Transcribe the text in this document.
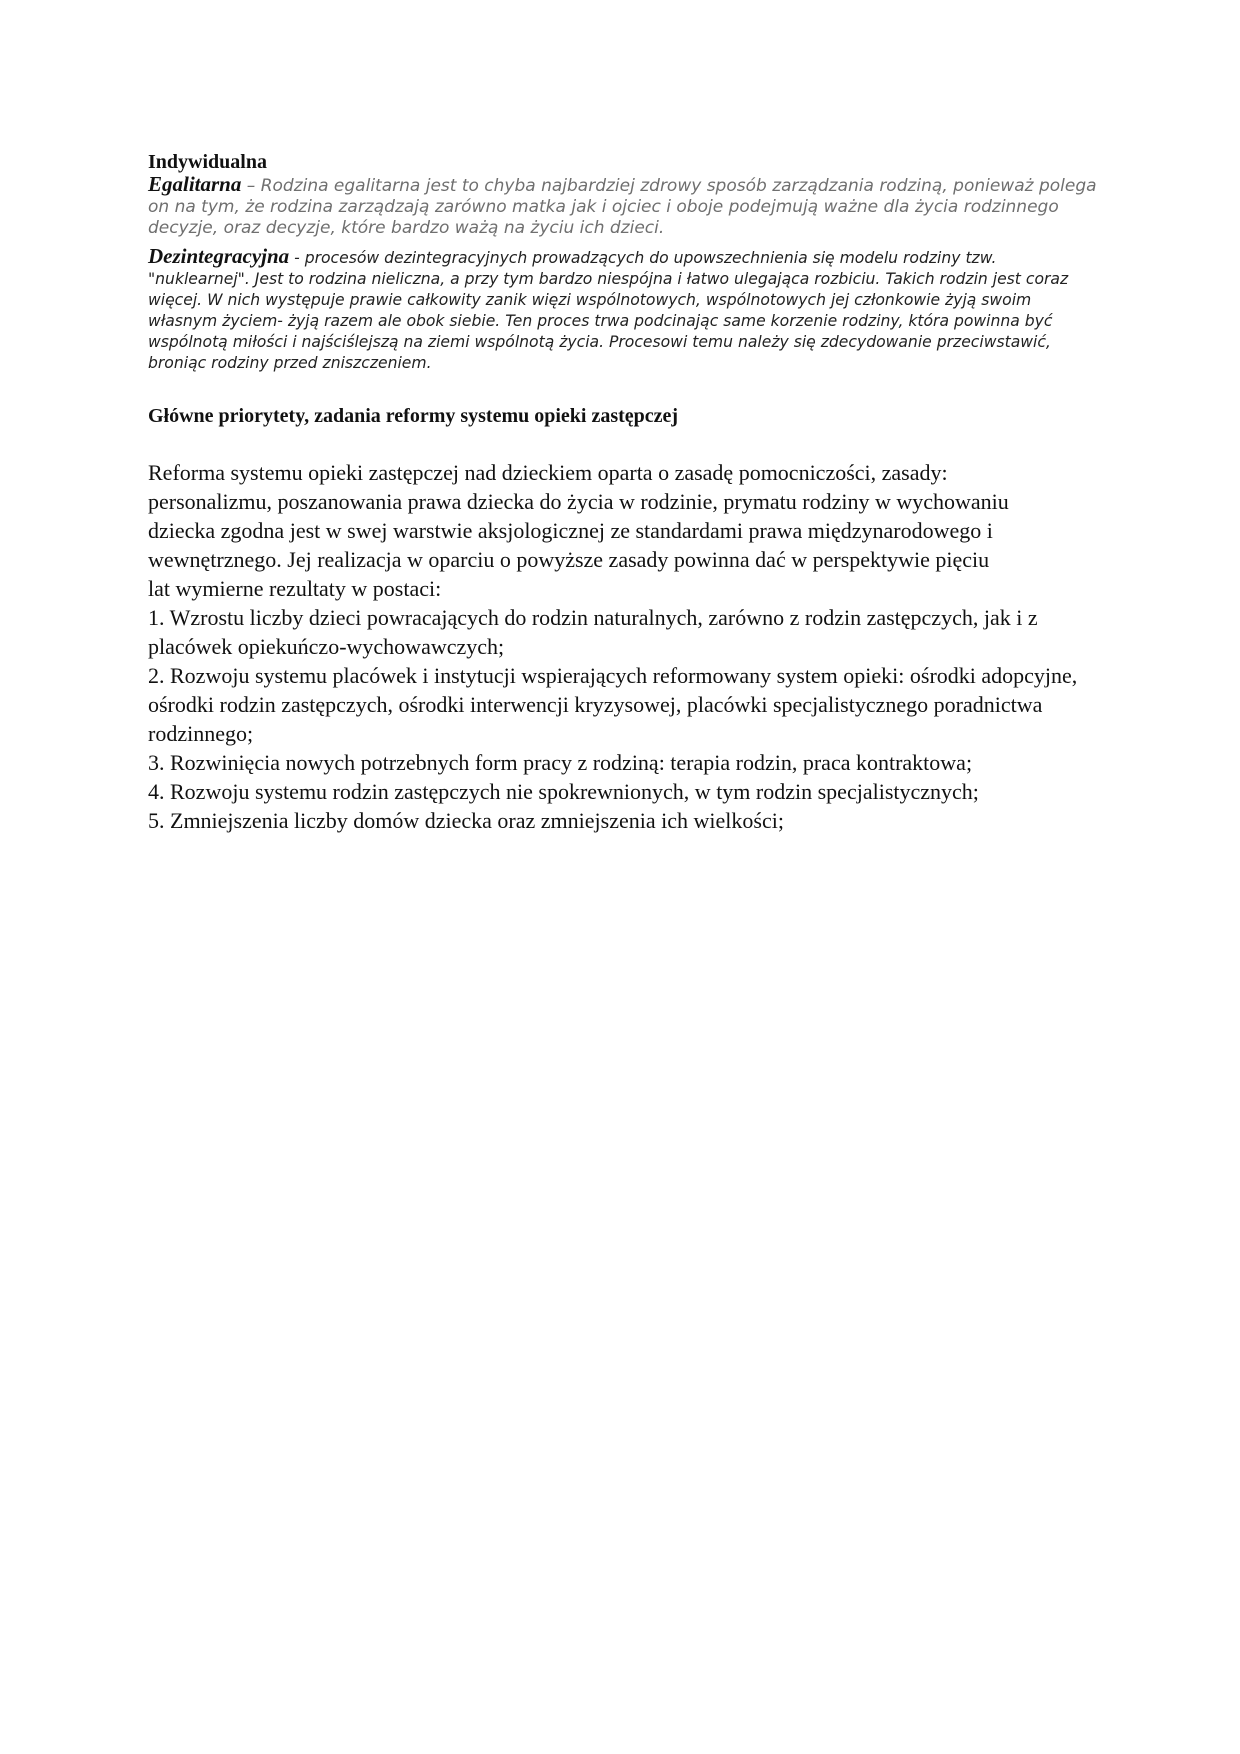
Indywidualna

Egalitarna – Rodzina egalitarna jest to chyba najbardziej zdrowy sposób zarządzania rodziną, ponieważ polega on na tym, że rodzina zarządzają zarówno matka jak i ojciec i oboje podejmują ważne dla życia rodzinnego decyzje, oraz decyzje, które bardzo ważą na życiu ich dzieci.

Dezintegracyjna - procesów dezintegracyjnych prowadzących do upowszechnienia się modelu rodziny tzw. "nuklearnej". Jest to rodzina nieliczna, a przy tym bardzo niespójna i łatwo ulegająca rozbiciu. Takich rodzin jest coraz więcej. W nich występuje prawie całkowity zanik więzi wspólnotowych, wspólnotowych jej członkowie żyją swoim własnym życiem- żyją razem ale obok siebie. Ten proces trwa podcinając same korzenie rodziny, która powinna być wspólnotą miłości i najściślejszą na ziemi wspólnotą życia. Procesowi temu należy się zdecydowanie przeciwstawić, broniąc rodziny przed zniszczeniem.

Główne priorytety, zadania reformy systemu opieki zastępczej

Reforma systemu opieki zastępczej nad dzieckiem oparta o zasadę pomocniczości, zasady:
personalizmu, poszanowania prawa dziecka do życia w rodzinie, prymatu rodziny w wychowaniu
dziecka zgodna jest w swej warstwie aksjologicznej ze standardami prawa międzynarodowego i
wewnętrznego. Jej realizacja w oparciu o powyższe zasady powinna dać w perspektywie pięciu
lat wymierne rezultaty w postaci:

1. Wzrostu liczby dzieci powracających do rodzin naturalnych, zarówno z rodzin zastępczych, jak i z placówek opiekuńczo-wychowawczych;
2. Rozwoju systemu placówek i instytucji wspierających reformowany system opieki: ośrodki adopcyjne, ośrodki rodzin zastępczych, ośrodki interwencji kryzysowej, placówki specjalistycznego poradnictwa rodzinnego;
3. Rozwinięcia nowych potrzebnych form pracy z rodziną: terapia rodzin, praca kontraktowa;
4. Rozwoju systemu rodzin zastępczych nie spokrewnionych, w tym rodzin specjalistycznych;
5. Zmniejszenia liczby domów dziecka oraz zmniejszenia ich wielkości;
